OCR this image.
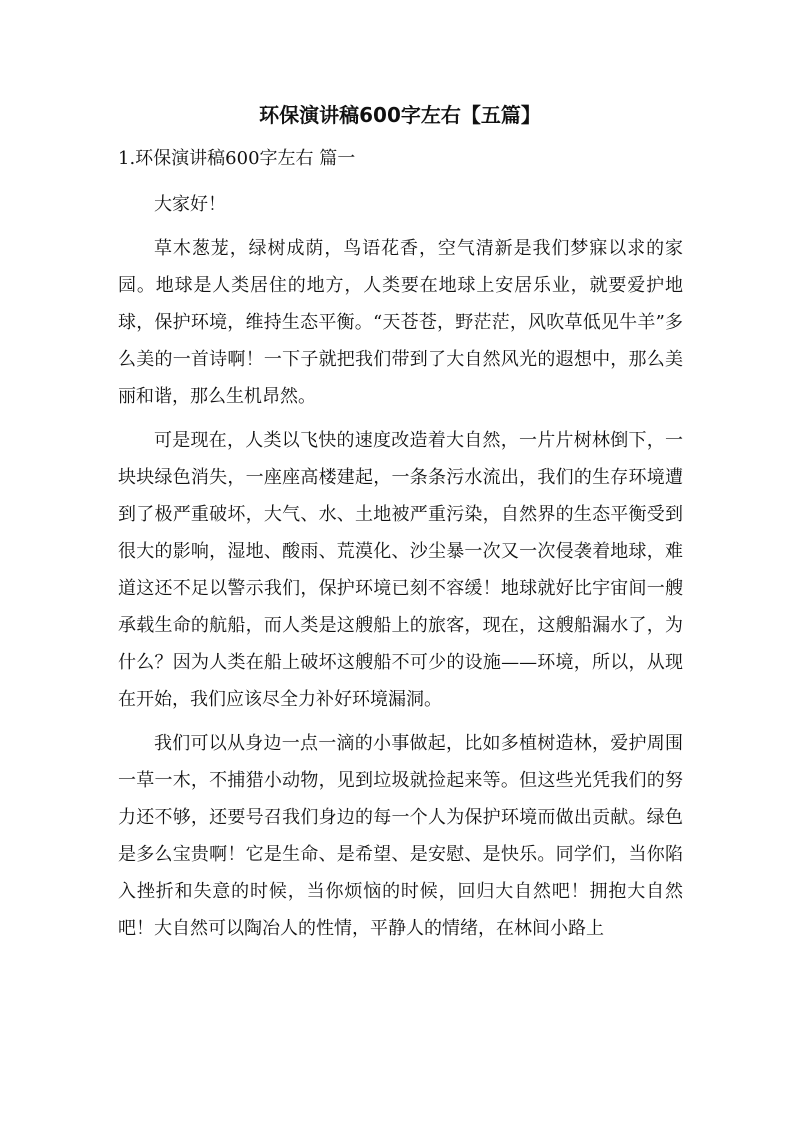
环保演讲稿600字左右【五篇】
1.环保演讲稿600字左右 篇一

大家好！

草木葱茏，绿树成荫，鸟语花香，空气清新是我们梦寐以求的家园。地球是人类居住的地方，人类要在地球上安居乐业，就要爱护地球，保护环境，维持生态平衡。“天苍苍，野茫茫，风吹草低见牛羊”多么美的一首诗啊！一下子就把我们带到了大自然风光的遐想中，那么美丽和谐，那么生机昂然。

可是现在，人类以飞快的速度改造着大自然，一片片树林倒下，一块块绿色消失，一座座高楼建起，一条条污水流出，我们的生存环境遭到了极严重破坏，大气、水、土地被严重污染，自然界的生态平衡受到很大的影响，湿地、酸雨、荒漠化、沙尘暴一次又一次侵袭着地球，难道这还不足以警示我们，保护环境已刻不容缓！地球就好比宇宙间一艘承载生命的航船，而人类是这艘船上的旅客，现在，这艘船漏水了，为什么？因为人类在船上破坏这艘船不可少的设施——环境，所以，从现在开始，我们应该尽全力补好环境漏洞。

我们可以从身边一点一滴的小事做起，比如多植树造林，爱护周围一草一木，不捕猎小动物，见到垃圾就捡起来等。但这些光凭我们的努力还不够，还要号召我们身边的每一个人为保护环境而做出贡献。绿色是多么宝贵啊！它是生命、是希望、是安慰、是快乐。同学们，当你陷入挫折和失意的时候，当你烦恼的时候，回归大自然吧！拥抱大自然吧！大自然可以陶冶人的性情，平静人的情绪，在林间小路上
